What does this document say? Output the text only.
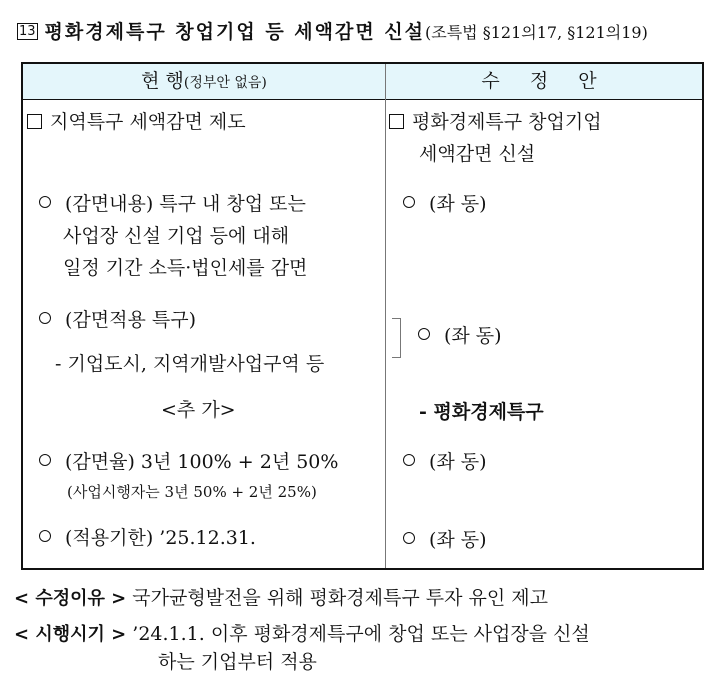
13 평화경제특구 창업기업 등 세액감면 신설(조특법 §121의17, §121의19)
현 행(정부안 없음)	수 정 안
지역특구 세액감면 제도
(감면내용) 특구 내 창업 또는
사업장 신설 기업 등에 대해
일정 기간 소득·법인세를 감면
(감면적용 특구)
- 기업도시, 지역개발사업구역 등
<추 가>
(감면율) 3년 100% + 2년 50%
(사업시행자는 3년 50% + 2년 25%)
(적용기한) ’25.12.31.
평화경제특구 창업기업
세액감면 신설
(좌 동)
(좌 동)
- 평화경제특구
(좌 동)
(좌 동)
< 수정이유 > 국가균형발전을 위해 평화경제특구 투자 유인 제고
< 시행시기 > ’24.1.1. 이후 평화경제특구에 창업 또는 사업장을 신설
하는 기업부터 적용
